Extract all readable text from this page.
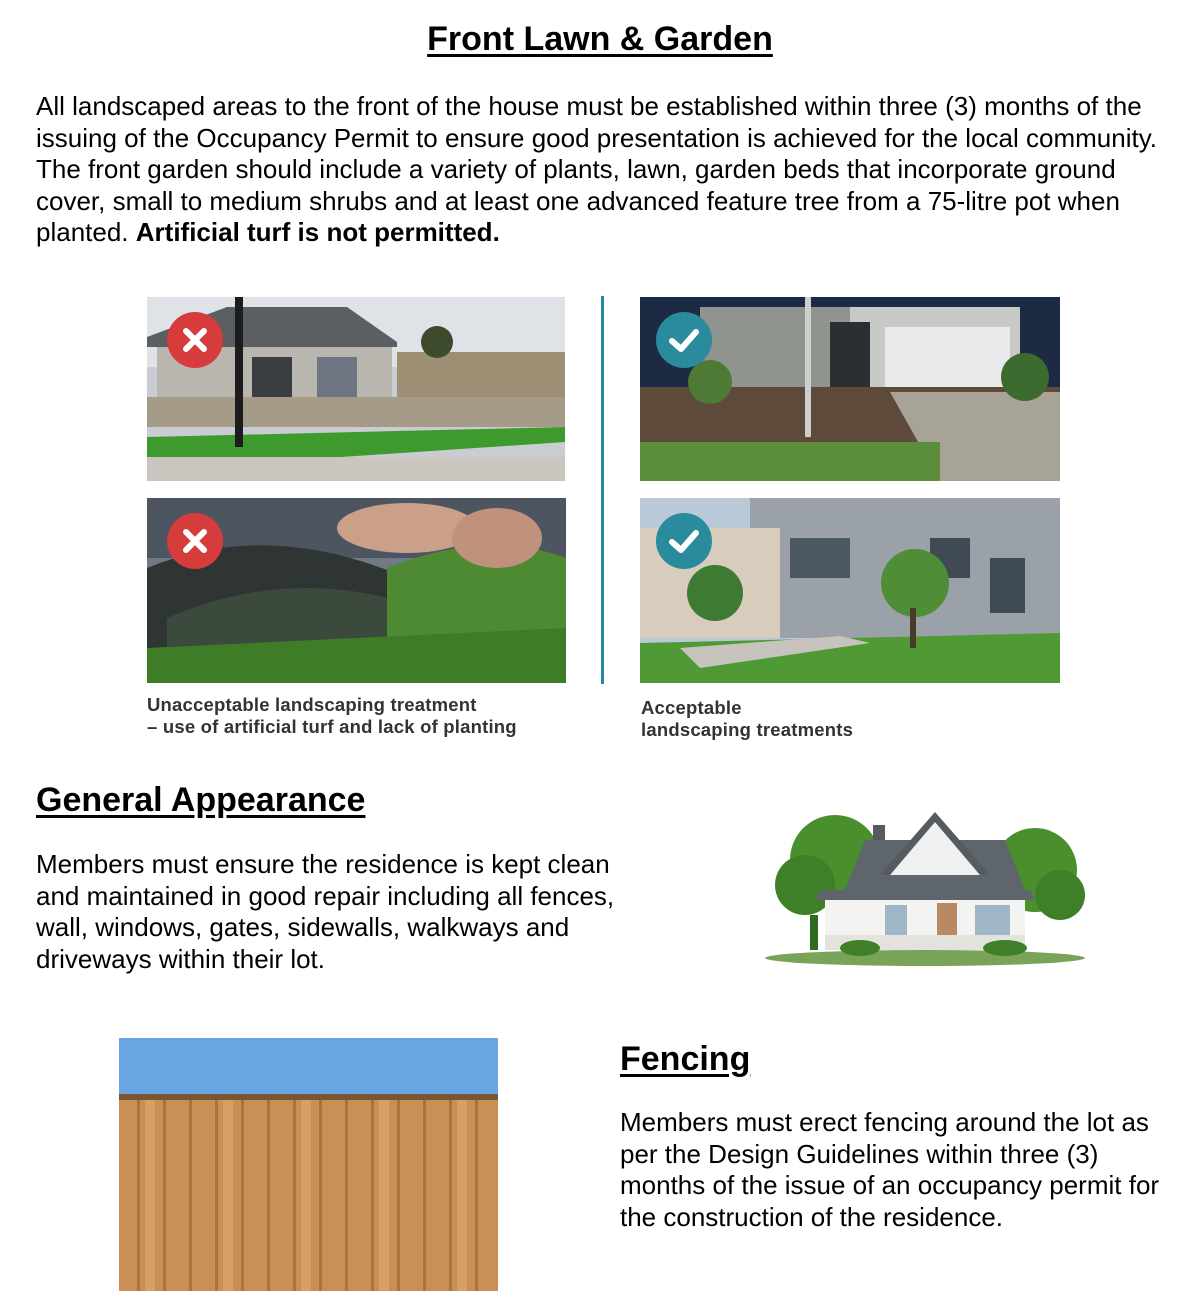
Front Lawn & Garden

All landscaped areas to the front of the house must be established within three (3) months of the issuing of the Occupancy Permit to ensure good presentation is achieved for the local community. The front garden should include a variety of plants, lawn, garden beds that incorporate ground cover, small to medium shrubs and at least one advanced feature tree from a 75-litre pot when planted. Artificial turf is not permitted.

Unacceptable landscaping treatment
– use of artificial turf and lack of planting
Acceptable
landscaping treatments
General Appearance

Members must ensure the residence is kept clean and maintained in good repair including all fences, wall, windows, gates, sidewalls, walkways and driveways within their lot.

Fencing

Members must erect fencing around the lot as per the Design Guidelines within three (3) months of the issue of an occupancy permit for the construction of the residence.
